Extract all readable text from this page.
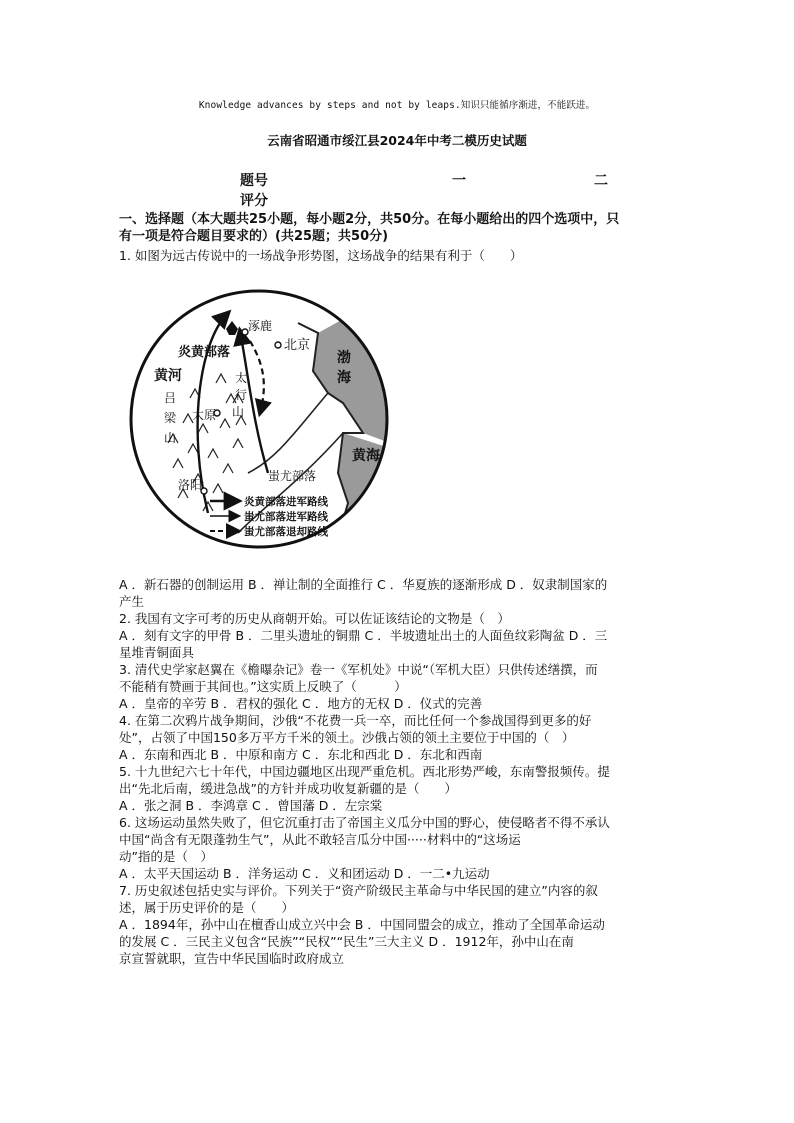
Knowledge advances by steps and not by leaps.知识只能循序渐进，不能跃进。
云南省昭通市绥江县2024年中考二模历史试题
题号	一	二
评分
一、选择题（本大题共25小题，每小题2分，共50分。在每小题给出的四个选项中，只
有一项是符合题目要求的）(共25题；共50分)
1. 如图为远古传说中的一场战争形势图，这场战争的结果有利于（　　）
涿鹿
北京
炎黄部落
黄河
渤
海
太
行
山
太原
吕
梁
山
蚩尤部落
黄海
洛阳
炎黄部落进军路线
蚩尤部落进军路线
蚩尤部落退却路线
A ．新石器的创制运用 B ．禅让制的全面推行 C ．华夏族的逐渐形成 D ．奴隶制国家的
产生
2. 我国有文字可考的历史从商朝开始。可以佐证该结论的文物是（　）
A ．刻有文字的甲骨 B ．二里头遗址的铜鼎 C ．半坡遗址出土的人面鱼纹彩陶盆 D ．三
星堆青铜面具
3. 清代史学家赵翼在《檐曝杂记》卷一《军机处》中说“（军机大臣）只供传述缮撰，而
不能稍有赞画于其间也。”这实质上反映了（　　　）
A ．皇帝的辛劳 B ．君权的强化 C ．地方的无权 D ．仪式的完善
4. 在第二次鸦片战争期间，沙俄“不花费一兵一卒，而比任何一个参战国得到更多的好
处”，占领了中国150多万平方千米的领土。沙俄占领的领土主要位于中国的（　）
A ．东南和西北 B ．中原和南方 C ．东北和西北 D ．东北和西南
5. 十九世纪六七十年代，中国边疆地区出现严重危机。西北形势严峻，东南警报频传。提
出“先北后南，缓进急战”的方针并成功收复新疆的是（　　）
A ．张之洞 B ．李鸿章 C ．曾国藩 D ．左宗棠
6. 这场运动虽然失败了，但它沉重打击了帝国主义瓜分中国的野心，使侵略者不得不承认
中国“尚含有无限蓬勃生气”，从此不敢轻言瓜分中国·····材料中的“这场运
动”指的是（　）
A ．太平天国运动 B ．洋务运动 C ．义和团运动 D ．一二•九运动
7. 历史叙述包括史实与评价。下列关于“资产阶级民主革命与中华民国的建立”内容的叙
述，属于历史评价的是（　　）
A ．1894年，孙中山在檀香山成立兴中会 B ．中国同盟会的成立，推动了全国革命运动
的发展 C ．三民主义包含“民族”“民权”“民生”三大主义 D ．1912年，孙中山在南
京宣誓就职，宣告中华民国临时政府成立
